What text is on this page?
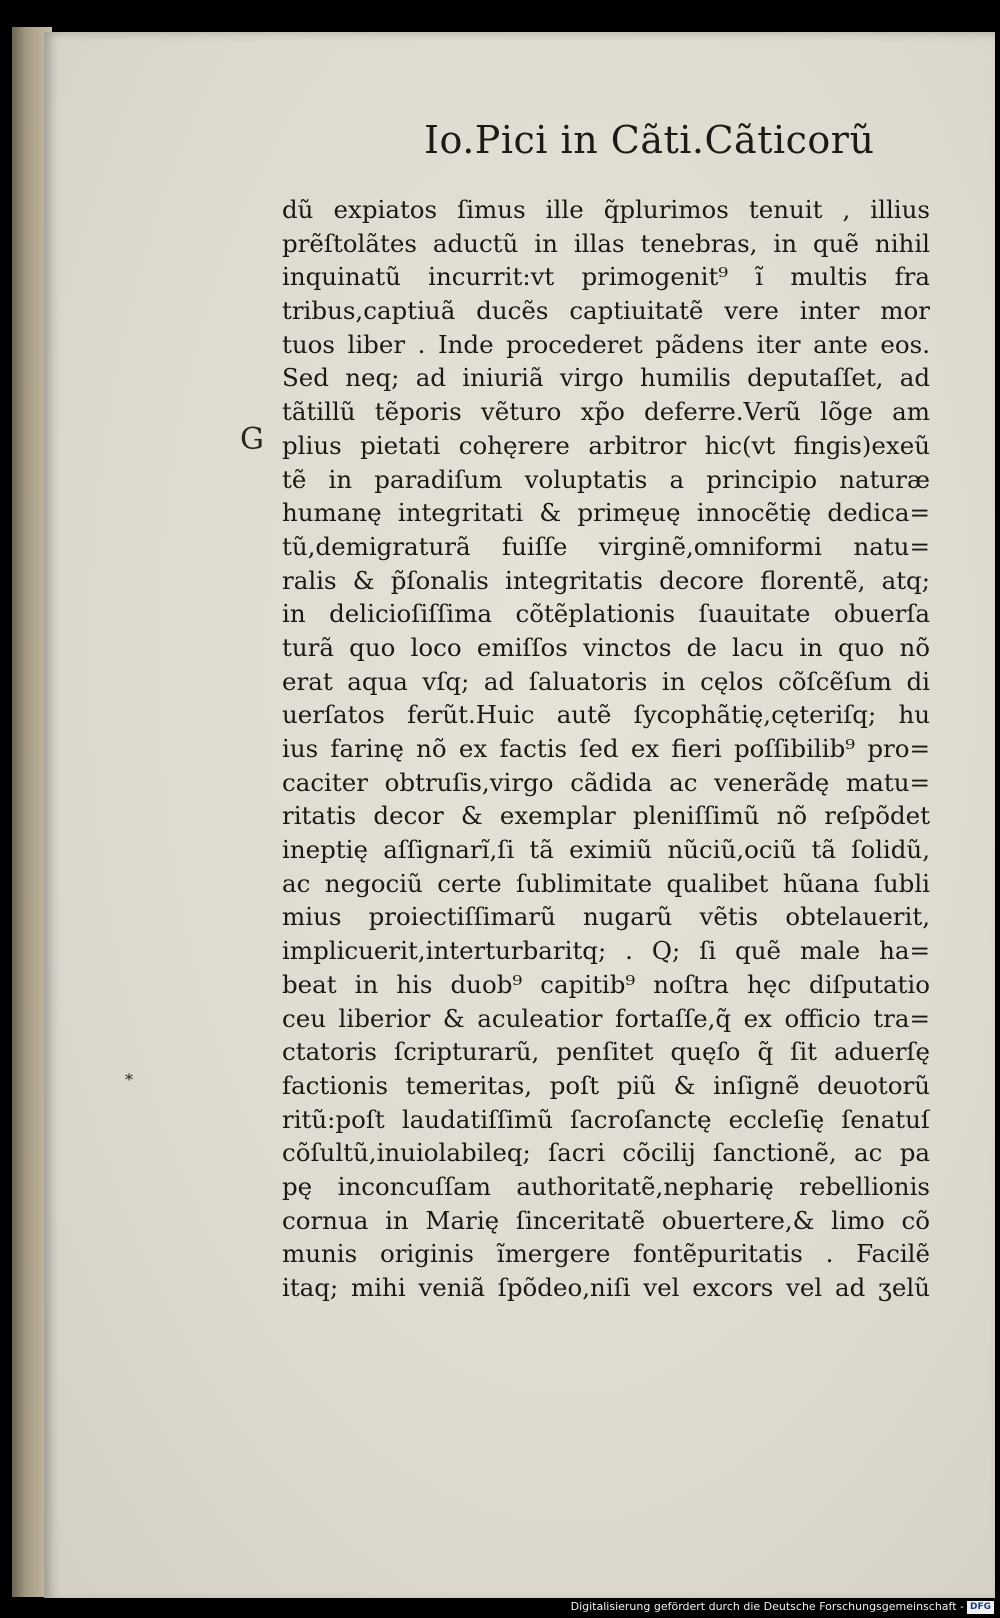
Io.Pici in Cãti.Cãticorũ
G
⁎
dũ expiatos ſimus ille q̃plurimos tenuit , illius
prẽſtolãtes aductũ in illas tenebras, in quẽ nihil
inquinatũ incurrit:vt primogenit⁹ ĩ multis fra
tribus,captiuã ducẽs captiuitatẽ vere inter mor
tuos liber . Inde procederet pãdens iter ante eos.
Sed neq; ad iniuriã virgo humilis deputaſſet, ad
tãtillũ tẽporis vẽturo xp̃o deferre.Verũ lõge am
plius pietati cohęrere arbitror hic(vt fingis)exeũ
tẽ in paradiſum voluptatis a principio naturæ
humanę integritati & primęuę innocẽtię dedica=
tũ,demigraturã fuiſſe virginẽ,omniformi natu=
ralis & p̃ſonalis integritatis decore florentẽ, atq;
in delicioſiſſima cõtẽplationis ſuauitate obuerſa
turã quo loco emiſſos vinctos de lacu in quo nõ
erat aqua vſq; ad ſaluatoris in cęlos cõſcẽſum di
uerſatos ferũt.Huic autẽ ſycophãtię,cęteriſq; hu
ius farinę nõ ex factis ſed ex fieri poſſibilib⁹ pro=
caciter obtruſis,virgo cãdida ac venerãdę matu=
ritatis decor & exemplar pleniſſimũ nõ reſpõdet
ineptię aſſignarĩ,ſi tã eximiũ nũciũ,ociũ tã ſolidũ,
ac negociũ certe ſublimitate qualibet hũana ſubli
mius proiectiſſimarũ nugarũ vẽtis obtelauerit,
implicuerit,interturbaritq; . Q; ſi quẽ male ha=
beat in his duob⁹ capitib⁹ noſtra hęc diſputatio
ceu liberior & aculeatior fortaſſe,q̃ ex officio tra=
ctatoris ſcripturarũ, penſitet quęſo q̃ ſit aduerſę
factionis temeritas, poſt piũ & inſignẽ deuotorũ
ritũ:poſt laudatiſſimũ ſacroſanctę eccleſię ſenatuſ
cõſultũ,inuiolabileq; ſacri cõcilij ſanctionẽ, ac pa
pę inconcuſſam authoritatẽ,nepharię rebellionis
cornua in Marię ſinceritatẽ obuertere,& limo cõ
munis originis ĩmergere fontẽpuritatis . Facilẽ
itaq; mihi veniã ſpõdeo,niſi vel excors vel ad ʒelũ
Digitalisierung gefördert durch die Deutsche Forschungsgemeinschaft - DFG
